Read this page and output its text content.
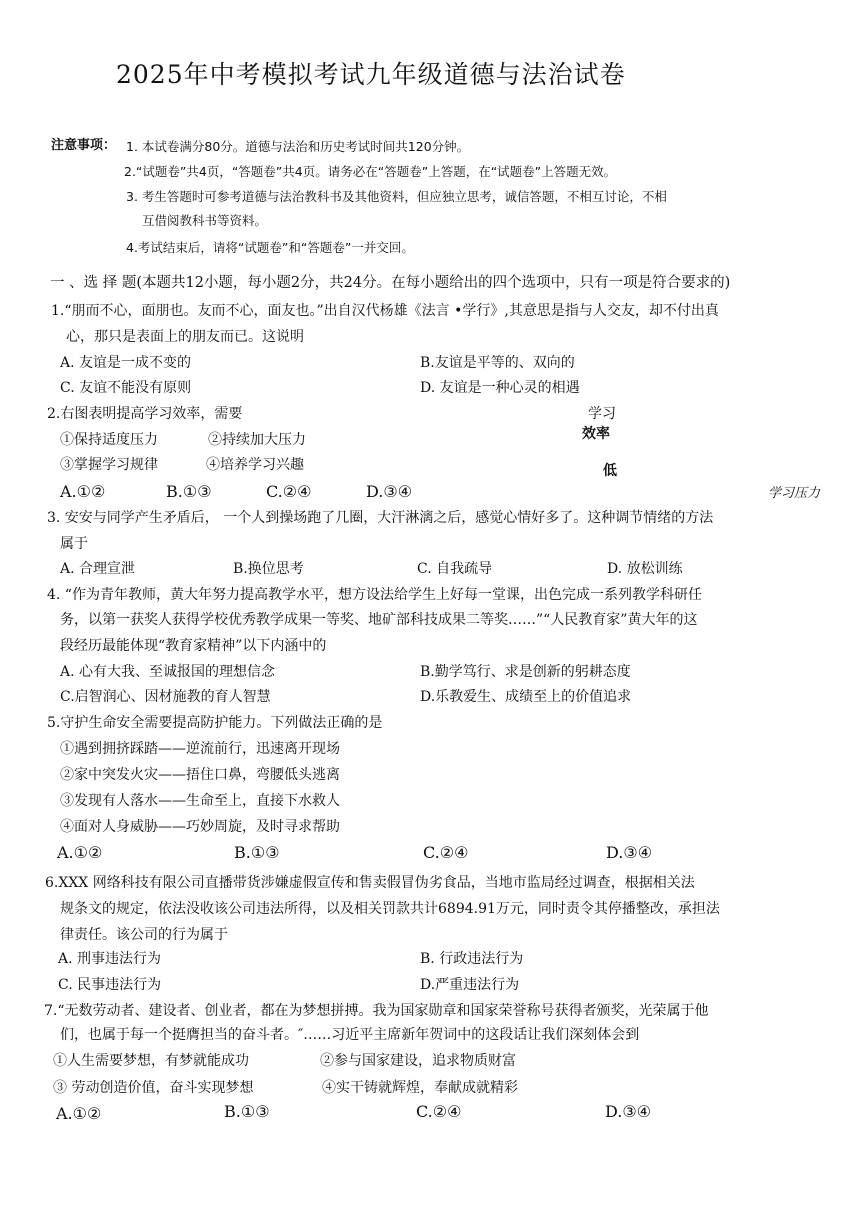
2025年中考模拟考试九年级道德与法治试卷
注意事项： 1. 本试卷满分80分。道德与法治和历史考试时间共120分钟。
2.“试题卷”共4页，“答题卷”共4页。请务必在“答题卷”上答题，在“试题卷”上答题无效。
3. 考生答题时可参考道德与法治教科书及其他资料，但应独立思考，诚信答题，不相互讨论，不相
互借阅教科书等资料。
4.考试结束后，请将“试题卷”和“答题卷”一并交回。
一 、选 择 题(本题共12小题，每小题2分，共24分。在每小题给出的四个选项中，只有一项是符合要求的)
1.“朋而不心，面朋也。友而不心，面友也。”出自汉代杨雄《法言 •学行》,其意思是指与人交友，却不付出真
心，那只是表面上的朋友而已。这说明
A. 友谊是一成不变的	B.友谊是平等的、双向的
C. 友谊不能没有原则	D. 友谊是一种心灵的相遇
2.右图表明提高学习效率，需要
①保持适度压力	②持续加大压力
③掌握学习规律	④培养学习兴趣
A.①②	B.①③	C.②④	D.③④
学习
效率
低
学习压力
3. 安安与同学产生矛盾后， 一个人到操场跑了几圈，大汗淋漓之后，感觉心情好多了。这种调节情绪的方法
属于
A. 合理宣泄	B.换位思考	C. 自我疏导	D. 放松训练
4. “作为青年教师，黄大年努力提高教学水平，想方设法给学生上好每一堂课，出色完成一系列教学科研任
务，以第一获奖人获得学校优秀教学成果一等奖、地矿部科技成果二等奖……”“人民教育家”黄大年的这
段经历最能体现“教育家精神”以下内涵中的
A. 心有大我、至诚报国的理想信念	B.勤学笃行、求是创新的躬耕态度
C.启智润心、因材施教的育人智慧	D.乐教爱生、成绩至上的价值追求
5.守护生命安全需要提高防护能力。下列做法正确的是
①遇到拥挤踩踏——逆流前行，迅速离开现场
②家中突发火灾——捂住口鼻，弯腰低头逃离
③发现有人落水——生命至上，直接下水救人
④面对人身威胁——巧妙周旋，及时寻求帮助
A.①②	B.①③	C.②④	D.③④
6.XXX 网络科技有限公司直播带货涉嫌虚假宣传和售卖假冒伪劣食品，当地市监局经过调查，根据相关法
规条文的规定，依法没收该公司违法所得，以及相关罚款共计6894.91万元，同时责令其停播整改，承担法
律责任。该公司的行为属于
A. 刑事违法行为	B. 行政违法行为
C. 民事违法行为	D.严重违法行为
7.“无数劳动者、建设者、创业者，都在为梦想拼搏。我为国家勋章和国家荣誉称号获得者颁奖，光荣属于他
们，也属于每一个挺膺担当的奋斗者。″……习近平主席新年贺词中的这段话让我们深刻体会到
①人生需要梦想，有梦就能成功	②参与国家建设，追求物质财富
③ 劳动创造价值，奋斗实现梦想	④实干铸就辉煌，奉献成就精彩
A.①②	B.①③	C.②④	D.③④
